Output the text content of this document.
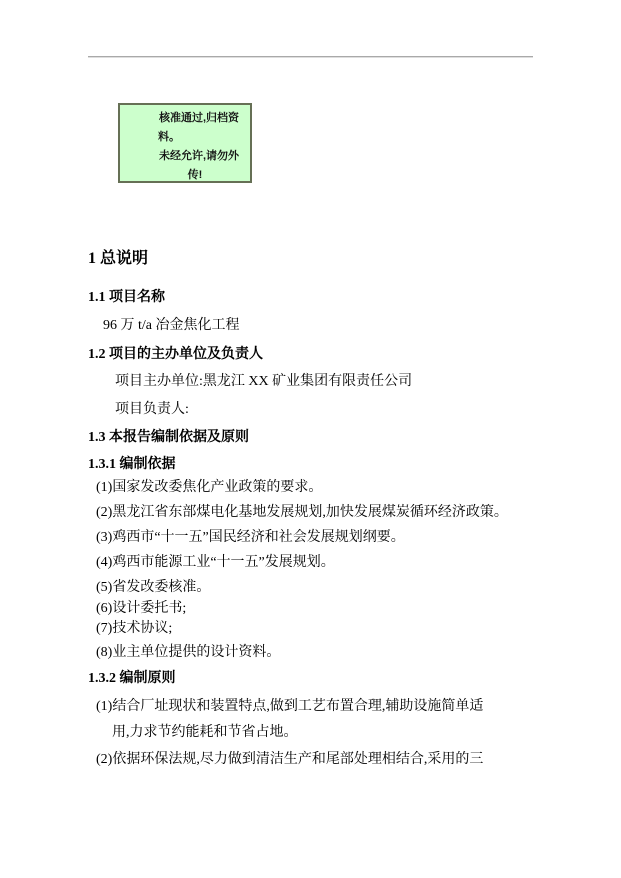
核准通过,归档资
料。
未经允许,请勿外
传!
1 总说明
1.1 项目名称
96 万 t/a 冶金焦化工程
1.2 项目的主办单位及负责人
项目主办单位:黑龙江 XX 矿业集团有限责任公司
项目负责人:
1.3 本报告编制依据及原则
1.3.1 编制依据
(1)国家发改委焦化产业政策的要求。
(2)黑龙江省东部煤电化基地发展规划,加快发展煤炭循环经济政策。
(3)鸡西市“十一五”国民经济和社会发展规划纲要。
(4)鸡西市能源工业“十一五”发展规划。
(5)省发改委核准。
(6)设计委托书;
(7)技术协议;
(8)业主单位提供的设计资料。
1.3.2 编制原则
(1)结合厂址现状和装置特点,做到工艺布置合理,辅助设施简单适
用,力求节约能耗和节省占地。
(2)依据环保法规,尽力做到清洁生产和尾部处理相结合,采用的三
